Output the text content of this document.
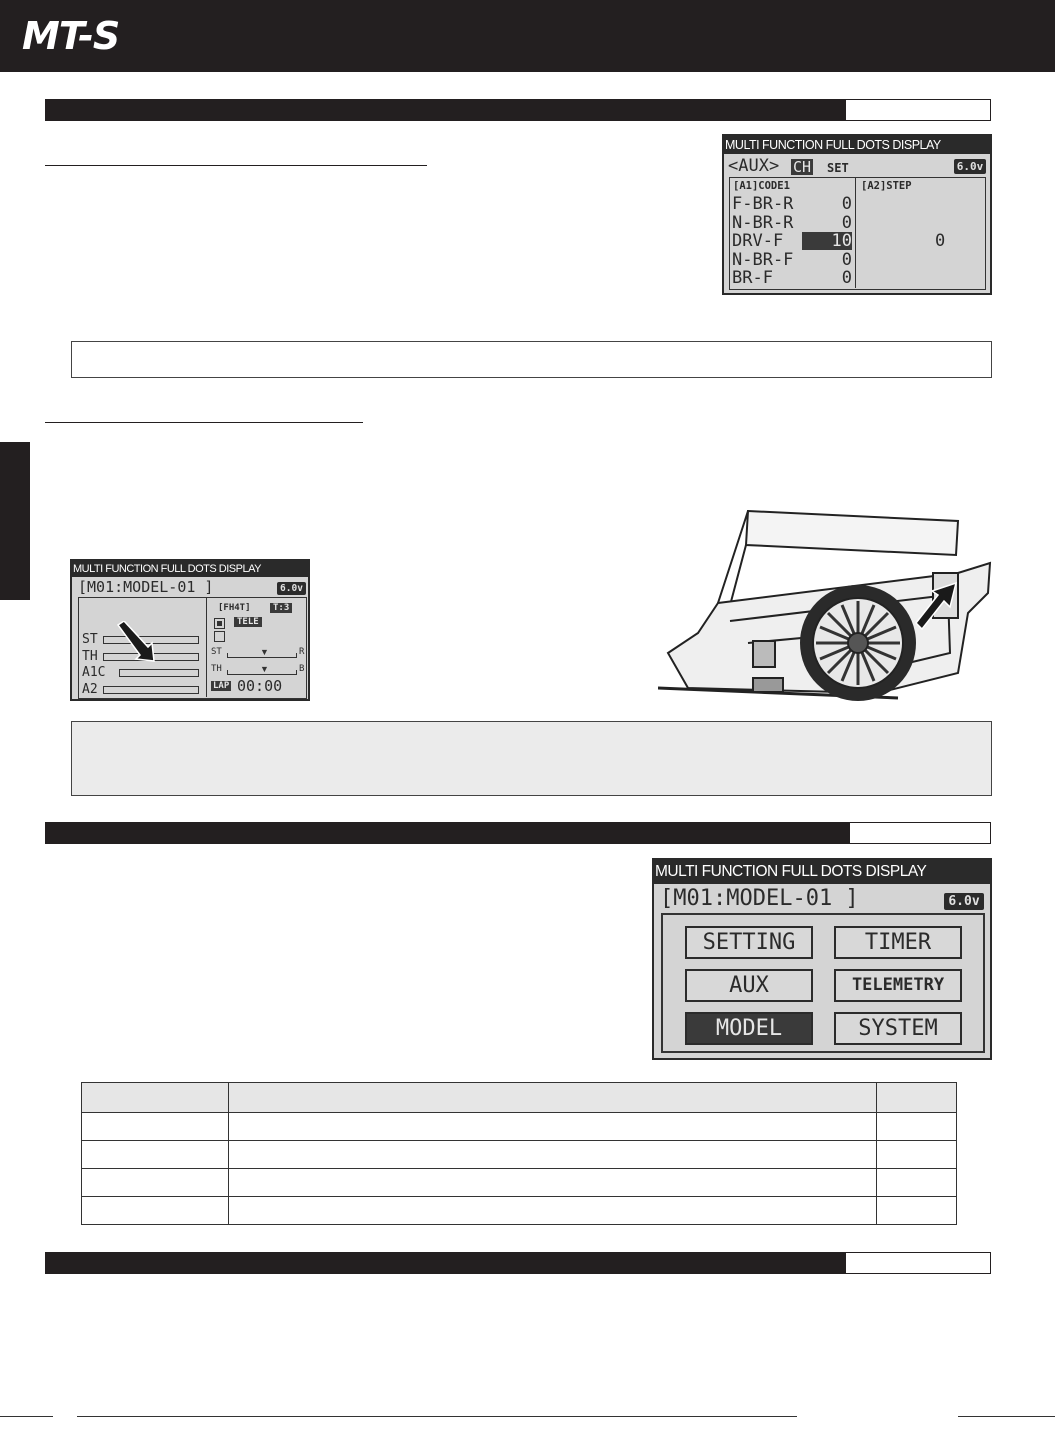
MT-S
MULTI FUNCTION FULL DOTS DISPLAY
<AUX> CH SET	6.0v
[A1]CODE1	[A2]STEP
F-BR-R	0
N-BR-R	0
DRV-F	10
N-BR-F	0
BR-F	0
0
MULTI FUNCTION FULL DOTS DISPLAY
[M01:MODEL-01 ]	6.0v
ST
TH
A1C
A2
[FH4T]	T:3
TELE
ST	▼	R
TH	▼	B
LAP 00:00
MULTI FUNCTION FULL DOTS DISPLAY
[M01:MODEL-01 ]	6.0v
SETTING	TIMER
AUX	TELEMETRY
MODEL	SYSTEM
